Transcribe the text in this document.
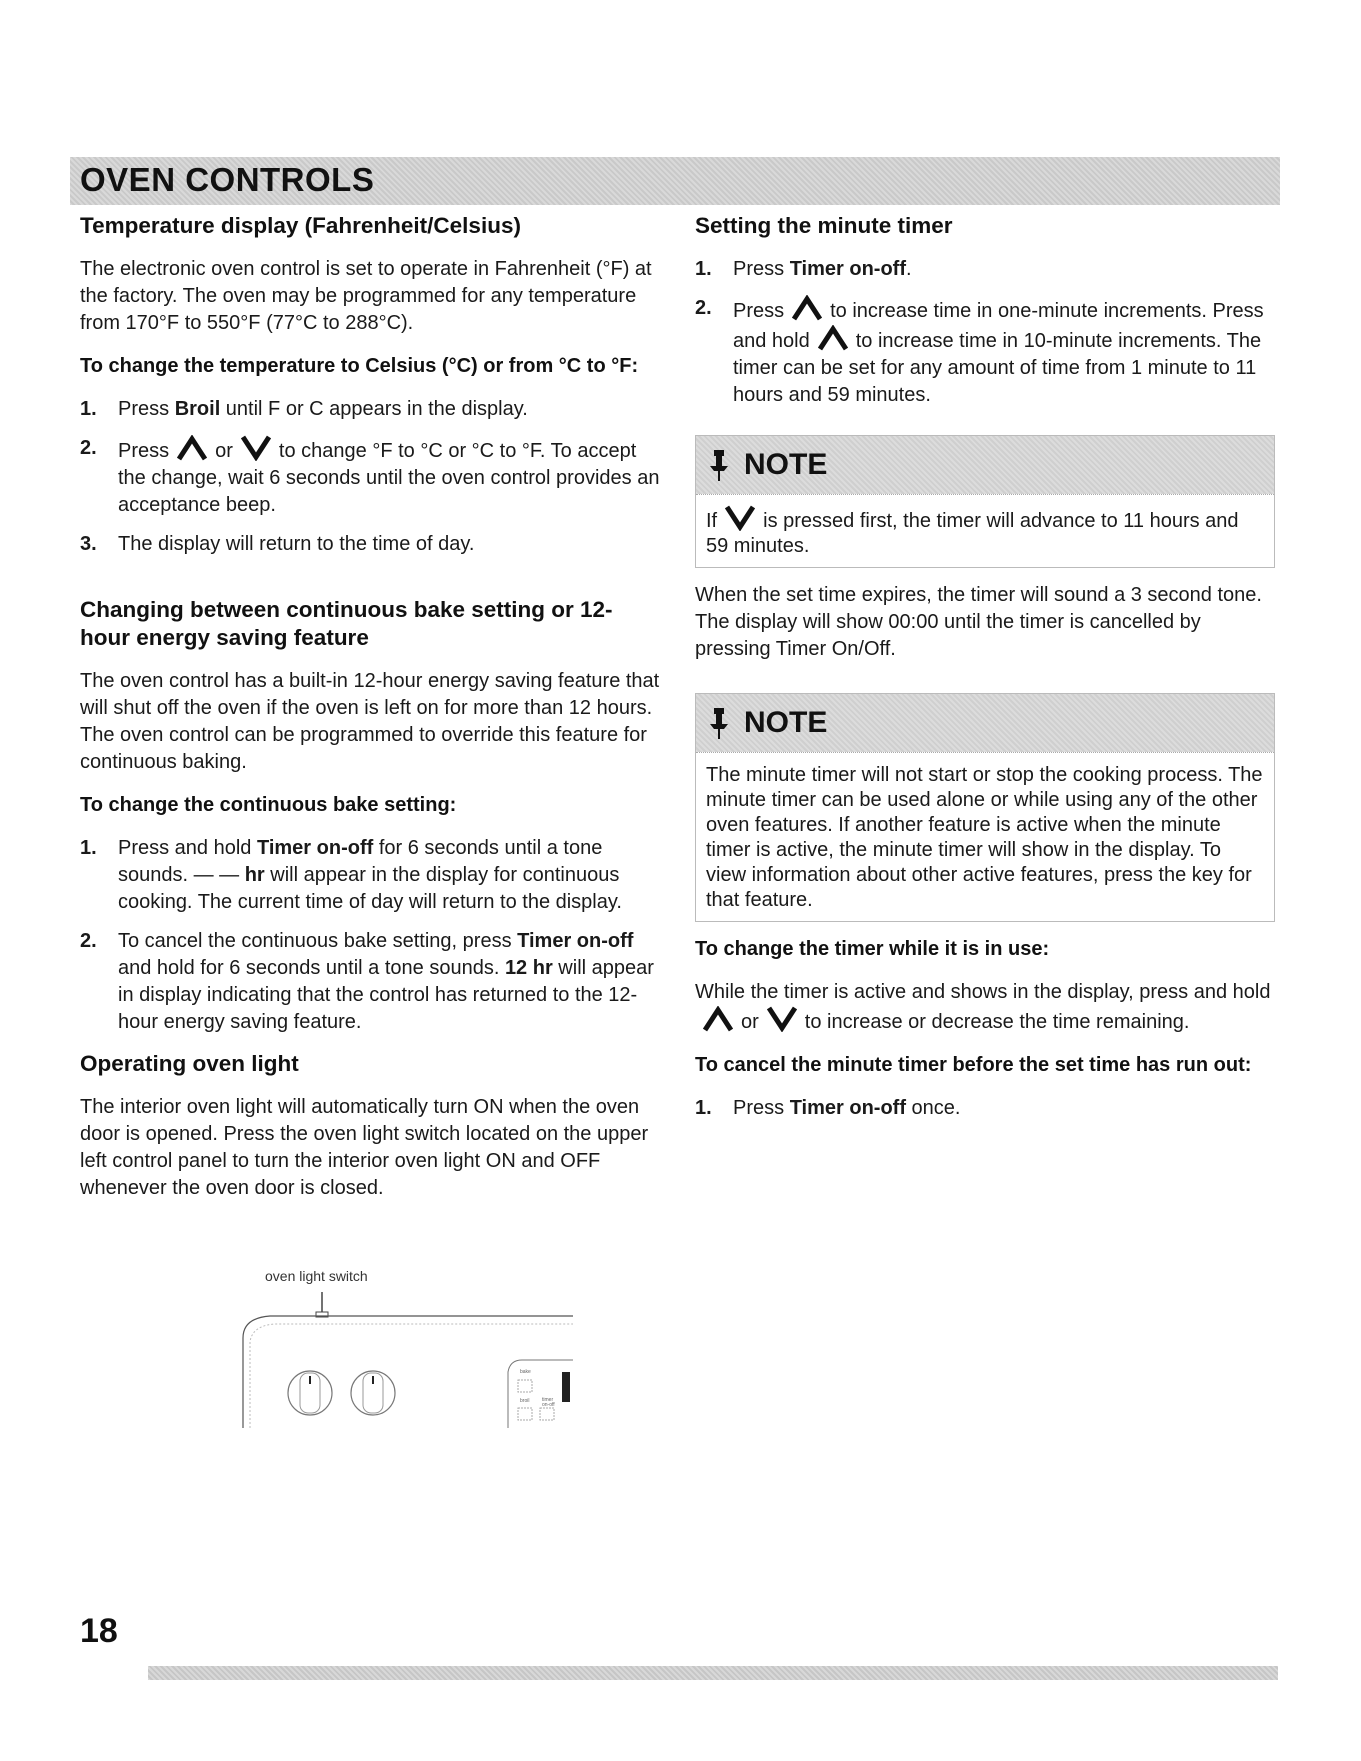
OVEN CONTROLS
Temperature display (Fahrenheit/Celsius)

The electronic oven control is set to operate in Fahrenheit (°F) at the factory. The oven may be programmed for any temperature from 170°F to 550°F (77°C to 288°C).

To change the temperature to Celsius (°C) or from °C to °F:
1. Press Broil until F or C appears in the display.
2. Press or to change °F to °C or °C to °F. To accept the change, wait 6 seconds until the oven control provides an acceptance beep.
3. The display will return to the time of day.
Changing between continuous bake setting or 12-hour energy saving feature

The oven control has a built-in 12-hour energy saving feature that will shut off the oven if the oven is left on for more than 12 hours. The oven control can be programmed to override this feature for continuous baking.

To change the continuous bake setting:
1. Press and hold Timer on-off for 6 seconds until a tone sounds. — — hr will appear in the display for continuous cooking. The current time of day will return to the display.
2. To cancel the continuous bake setting, press Timer on-off and hold for 6 seconds until a tone sounds. 12 hr will appear in display indicating that the control has returned to the 12-hour energy saving feature.
Operating oven light

The interior oven light will automatically turn ON when the oven door is opened. Press the oven light switch located on the upper left control panel to turn the interior oven light ON and OFF whenever the oven door is closed.

oven light switch
bake
broil	timer on-off
Setting the minute timer
1. Press Timer on-off.
2. Press to increase time in one-minute increments. Press and hold to increase time in 10-minute increments. The timer can be set for any amount of time from 1 minute to 11 hours and 59 minutes.
NOTE
If is pressed first, the timer will advance to 11 hours and 59 minutes.

When the set time expires, the timer will sound a 3 second tone. The display will show 00:00 until the timer is cancelled by pressing Timer On/Off.

NOTE
The minute timer will not start or stop the cooking process. The minute timer can be used alone or while using any of the other oven features. If another feature is active when the minute timer is active, the minute timer will show in the display. To view information about other active features, press the key for that feature.
To change the timer while it is in use:

While the timer is active and shows in the display, press and holdor to increase or decrease the time remaining.

To cancel the minute timer before the set time has run out:
1. Press Timer on-off once.
18
